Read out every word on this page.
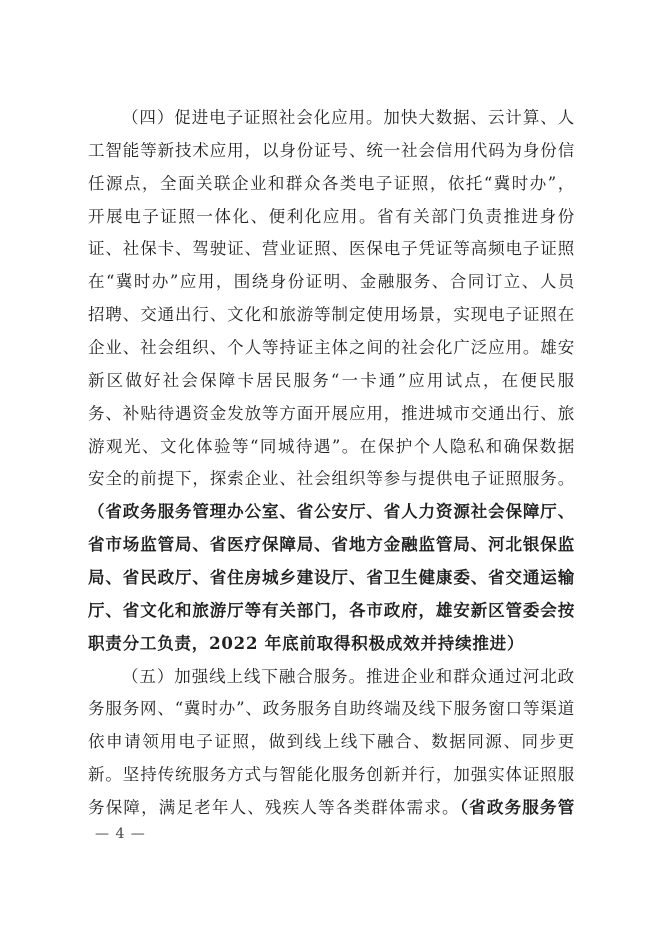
（四）促进电子证照社会化应用。加快大数据、云计算、人
工智能等新技术应用，以身份证号、统一社会信用代码为身份信
任源点，全面关联企业和群众各类电子证照，依托“冀时办”，
开展电子证照一体化、便利化应用。省有关部门负责推进身份
证、社保卡、驾驶证、营业证照、医保电子凭证等高频电子证照
在“冀时办”应用，围绕身份证明、金融服务、合同订立、人员
招聘、交通出行、文化和旅游等制定使用场景，实现电子证照在
企业、社会组织、个人等持证主体之间的社会化广泛应用。雄安
新区做好社会保障卡居民服务“一卡通”应用试点，在便民服
务、补贴待遇资金发放等方面开展应用，推进城市交通出行、旅
游观光、文化体验等“同城待遇”。在保护个人隐私和确保数据
安全的前提下，探索企业、社会组织等参与提供电子证照服务。
（省政务服务管理办公室、省公安厅、省人力资源社会保障厅、
省市场监管局、省医疗保障局、省地方金融监管局、河北银保监
局、省民政厅、省住房城乡建设厅、省卫生健康委、省交通运输
厅、省文化和旅游厅等有关部门，各市政府，雄安新区管委会按
职责分工负责，2022 年底前取得积极成效并持续推进）
（五）加强线上线下融合服务。推进企业和群众通过河北政
务服务网、“冀时办”、政务服务自助终端及线下服务窗口等渠道
依申请领用电子证照，做到线上线下融合、数据同源、同步更
新。坚持传统服务方式与智能化服务创新并行，加强实体证照服
务保障，满足老年人、残疾人等各类群体需求。（省政务服务管
— 4 —
